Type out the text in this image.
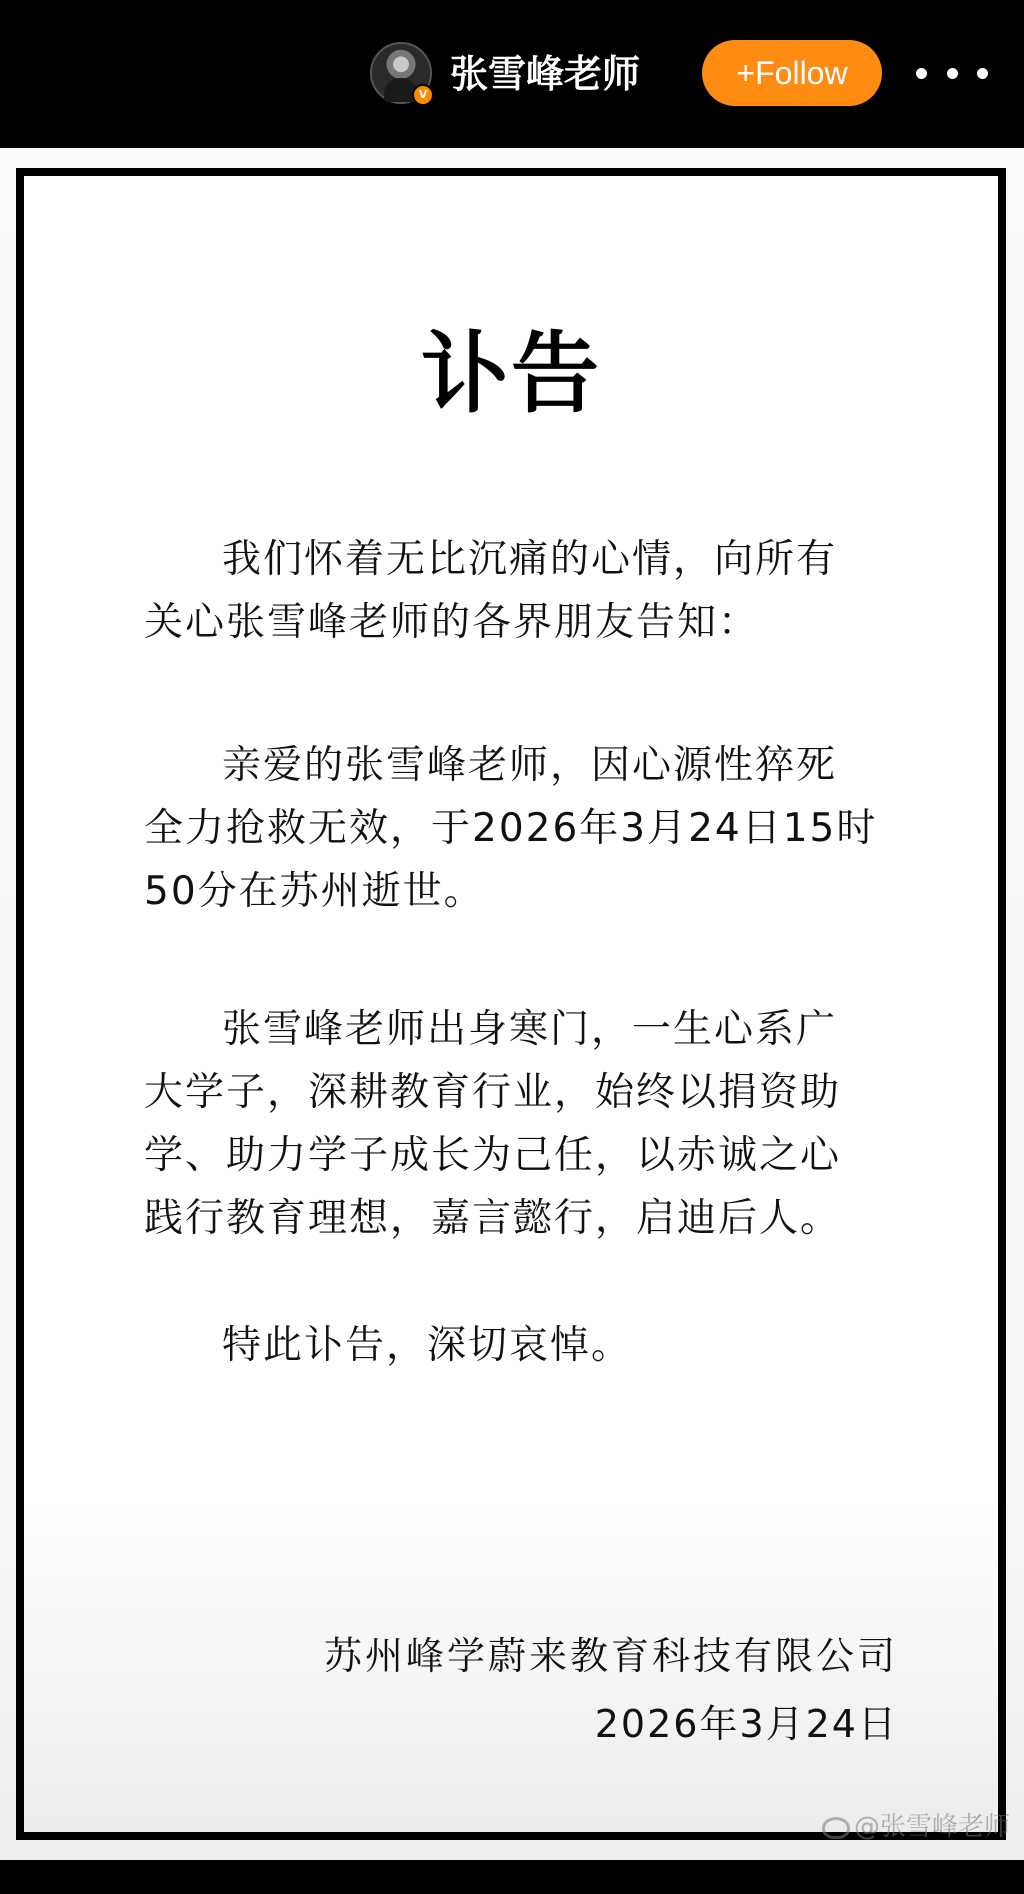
V 张雪峰老师	+Follow
讣告
我们怀着无比沉痛的心情，向所有
关心张雪峰老师的各界朋友告知：
亲爱的张雪峰老师，因心源性猝死
全力抢救无效，于2026年3月24日15时
50分在苏州逝世。
张雪峰老师出身寒门，一生心系广
大学子，深耕教育行业，始终以捐资助
学、助力学子成长为己任，以赤诚之心
践行教育理想，嘉言懿行，启迪后人。
特此讣告，深切哀悼。
苏州峰学蔚来教育科技有限公司
2026年3月24日
@张雪峰老师
